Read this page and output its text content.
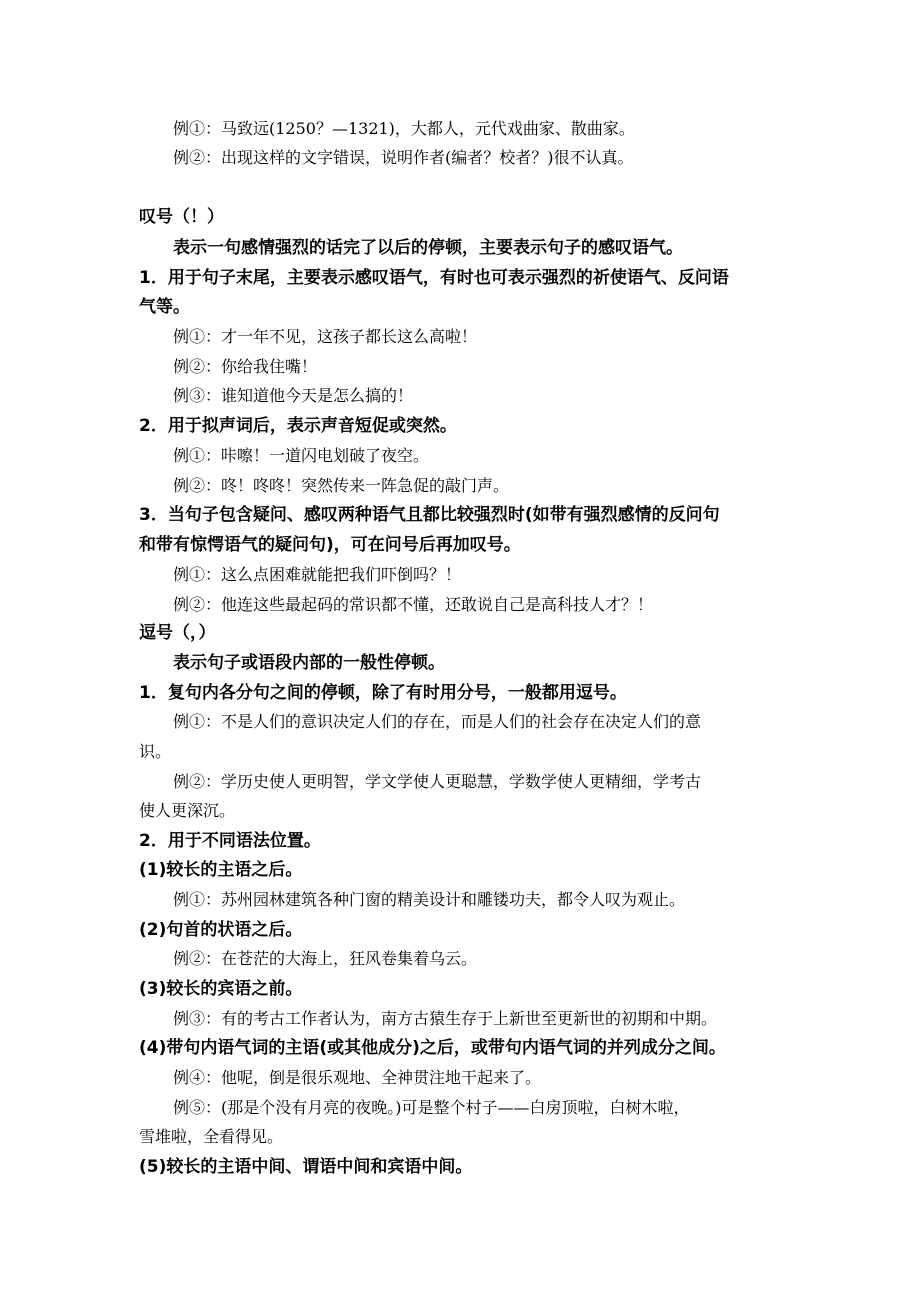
例①：马致远(1250？—1321)，大都人，元代戏曲家、散曲家。
例②：出现这样的文字错误，说明作者(编者？校者？)很不认真。
叹号（！）
表示一句感情强烈的话完了以后的停顿，主要表示句子的感叹语气。
1．用于句子末尾，主要表示感叹语气，有时也可表示强烈的祈使语气、反问语
气等。
例①：才一年不见，这孩子都长这么高啦！
例②：你给我住嘴！
例③：谁知道他今天是怎么搞的！
2．用于拟声词后，表示声音短促或突然。
例①：咔嚓！一道闪电划破了夜空。
例②：咚！咚咚！突然传来一阵急促的敲门声。
3．当句子包含疑问、感叹两种语气且都比较强烈时(如带有强烈感情的反问句
和带有惊愕语气的疑问句)，可在问号后再加叹号。
例①：这么点困难就能把我们吓倒吗？！
例②：他连这些最起码的常识都不懂，还敢说自己是高科技人才？！
逗号（，）
表示句子或语段内部的一般性停顿。
1．复句内各分句之间的停顿，除了有时用分号，一般都用逗号。
例①：不是人们的意识决定人们的存在，而是人们的社会存在决定人们的意
识。
例②：学历史使人更明智，学文学使人更聪慧，学数学使人更精细，学考古
使人更深沉。
2．用于不同语法位置。
(1)较长的主语之后。
例①：苏州园林建筑各种门窗的精美设计和雕镂功夫，都令人叹为观止。
(2)句首的状语之后。
例②：在苍茫的大海上，狂风卷集着乌云。
(3)较长的宾语之前。
例③：有的考古工作者认为，南方古猿生存于上新世至更新世的初期和中期。
(4)带句内语气词的主语(或其他成分)之后，或带句内语气词的并列成分之间。
例④：他呢，倒是很乐观地、全神贯注地干起来了。
例⑤：(那是个没有月亮的夜晚。)可是整个村子——白房顶啦，白树木啦，
雪堆啦，全看得见。
(5)较长的主语中间、谓语中间和宾语中间。
